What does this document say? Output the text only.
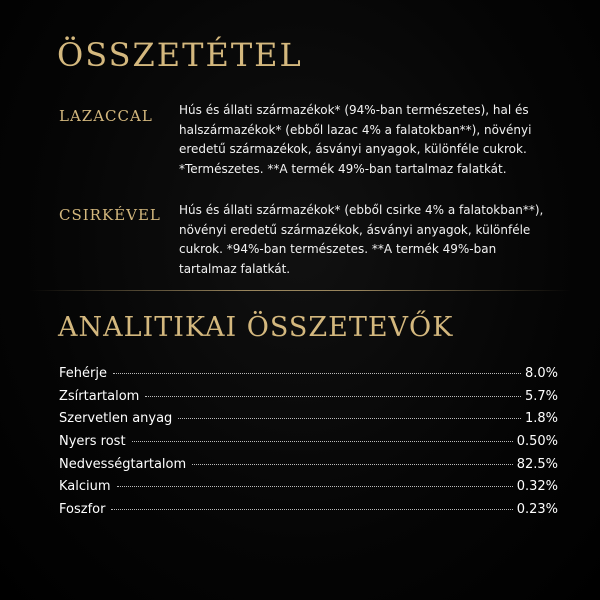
ÖSSZETÉTEL
LAZACCAL Hús és állati származékok* (94%-ban természetes), hal és halszármazékok* (ebből lazac 4% a falatokban**), növényi eredetű származékok, ásványi anyagok, különféle cukrok. *Természetes. **A termék 49%-ban tartalmaz falatkát.

CSIRKÉVEL Hús és állati származékok* (ebből csirke 4% a falatokban**), növényi eredetű származékok, ásványi anyagok, különféle cukrok. *94%-ban természetes. **A termék 49%-ban tartalmaz falatkát.

ANALITIKAI ÖSSZETEVŐK
Fehérje	8.0%
Zsírtartalom	5.7%
Szervetlen anyag	1.8%
Nyers rost	0.50%
Nedvességtartalom	82.5%
Kalcium	0.32%
Foszfor	0.23%
